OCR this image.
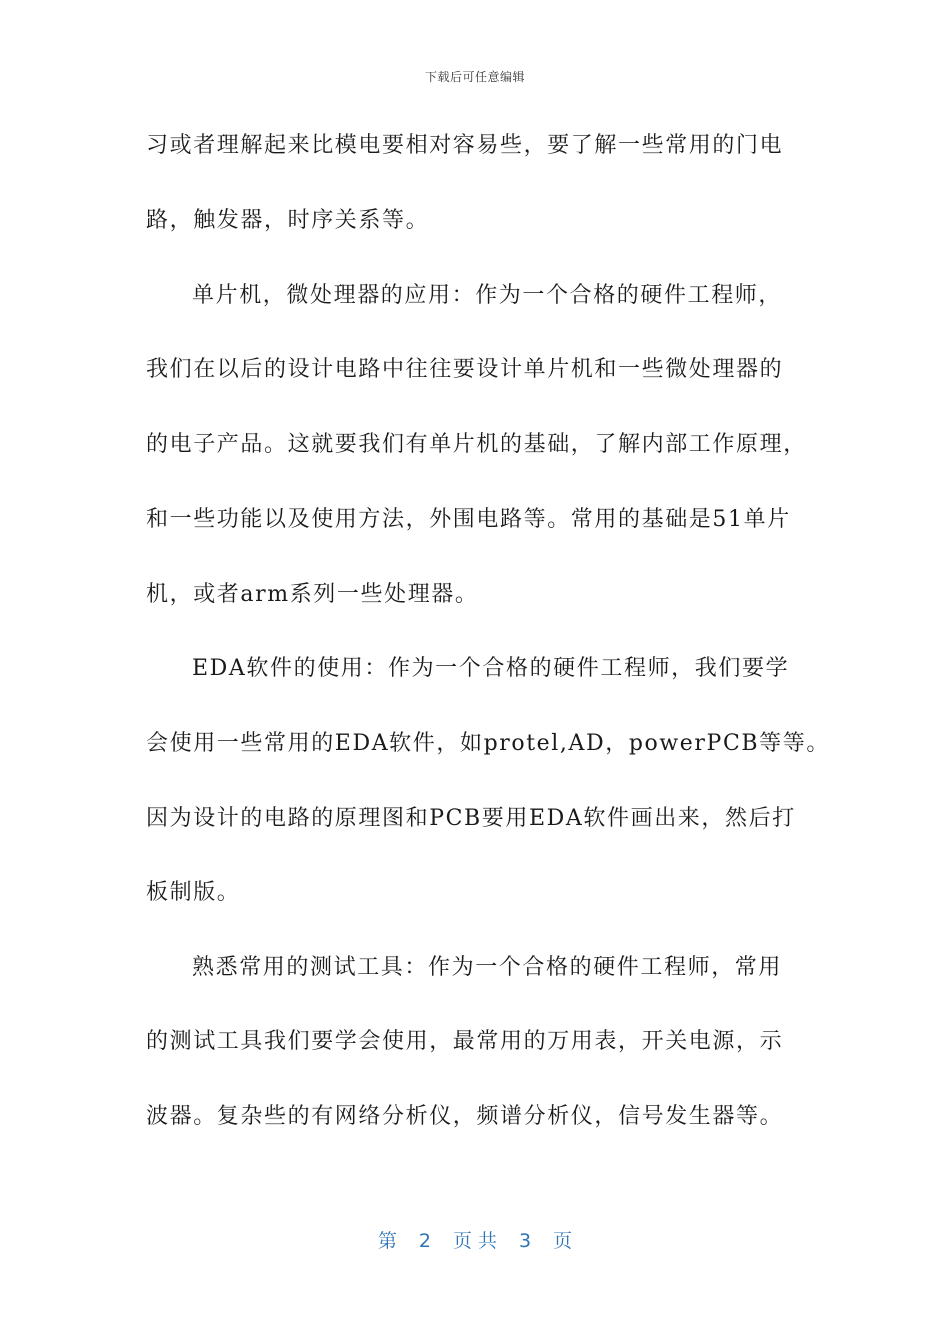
下载后可任意编辑
习或者理解起来比模电要相对容易些，要了解一些常用的门电
路，触发器，时序关系等。
单片机，微处理器的应用：作为一个合格的硬件工程师，
我们在以后的设计电路中往往要设计单片机和一些微处理器的
的电子产品。这就要我们有单片机的基础，了解内部工作原理，
和一些功能以及使用方法，外围电路等。常用的基础是51单片
机，或者arm系列一些处理器。
EDA软件的使用：作为一个合格的硬件工程师，我们要学
会使用一些常用的EDA软件，如protel,AD，powerPCB等等。
因为设计的电路的原理图和PCB要用EDA软件画出来，然后打
板制版。
熟悉常用的测试工具：作为一个合格的硬件工程师，常用
的测试工具我们要学会使用，最常用的万用表，开关电源，示
波器。复杂些的有网络分析仪，频谱分析仪，信号发生器等。
第 2 页 共 3 页
